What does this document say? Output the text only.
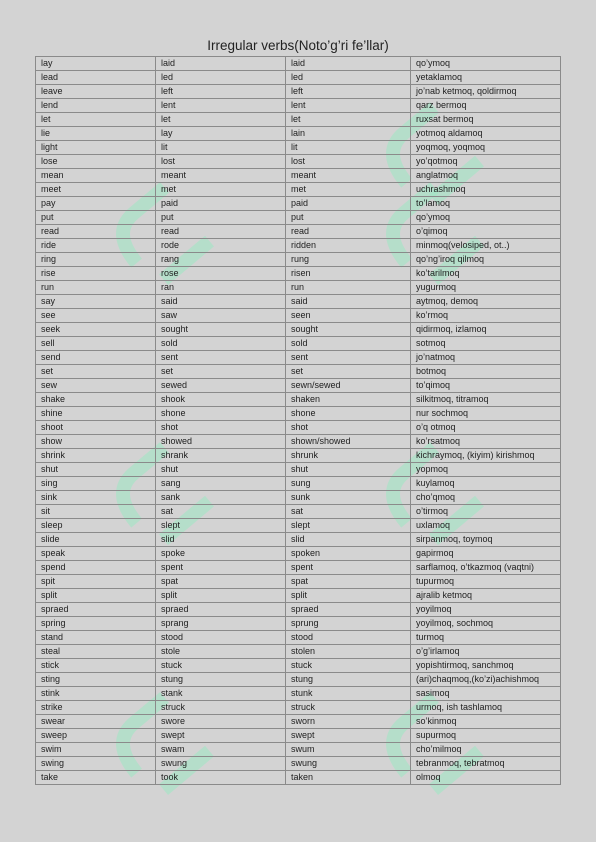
Irregular verbs(Noto’g’ri fe’llar)
lay	laid	laid	qo’ymoq
lead	led	led	yetaklamoq
leave	left	left	jo’nab ketmoq, qoldirmoq
lend	lent	lent	qarz bermoq
let	let	let	ruxsat bermoq
lie	lay	lain	yotmoq aldamoq
light	lit	lit	yoqmoq, yoqmoq
lose	lost	lost	yo’qotmoq
mean	meant	meant	anglatmoq
meet	met	met	uchrashmoq
pay	paid	paid	to’lamoq
put	put	put	qo’ymoq
read	read	read	o’qimoq
ride	rode	ridden	minmoq(velosiped, ot..)
ring	rang	rung	qo’ng’iroq qilmoq
rise	rose	risen	ko’tarilmoq
run	ran	run	yugurmoq
say	said	said	aytmoq, demoq
see	saw	seen	ko’rmoq
seek	sought	sought	qidirmoq, izlamoq
sell	sold	sold	sotmoq
send	sent	sent	jo’natmoq
set	set	set	botmoq
sew	sewed	sewn/sewed	to’qimoq
shake	shook	shaken	silkitmoq, titramoq
shine	shone	shone	nur sochmoq
shoot	shot	shot	o’q otmoq
show	showed	shown/showed	ko’rsatmoq
shrink	shrank	shrunk	kichraymoq, (kiyim) kirishmoq
shut	shut	shut	yopmoq
sing	sang	sung	kuylamoq
sink	sank	sunk	cho’qmoq
sit	sat	sat	o’tirmoq
sleep	slept	slept	uxlamoq
slide	slid	slid	sirpanmoq, toymoq
speak	spoke	spoken	gapirmoq
spend	spent	spent	sarflamoq, o’tkazmoq (vaqtni)
spit	spat	spat	tupurmoq
split	split	split	ajralib ketmoq
spraed	spraed	spraed	yoyilmoq
spring	sprang	sprung	yoyilmoq, sochmoq
stand	stood	stood	turmoq
steal	stole	stolen	o’g’irlamoq
stick	stuck	stuck	yopishtirmoq, sanchmoq
sting	stung	stung	(ari)chaqmoq,(ko’zi)achishmoq
stink	stank	stunk	sasimoq
strike	struck	struck	urmoq, ish tashlamoq
swear	swore	sworn	so’kinmoq
sweep	swept	swept	supurmoq
swim	swam	swum	cho’milmoq
swing	swung	swung	tebranmoq, tebratmoq
take	took	taken	olmoq
